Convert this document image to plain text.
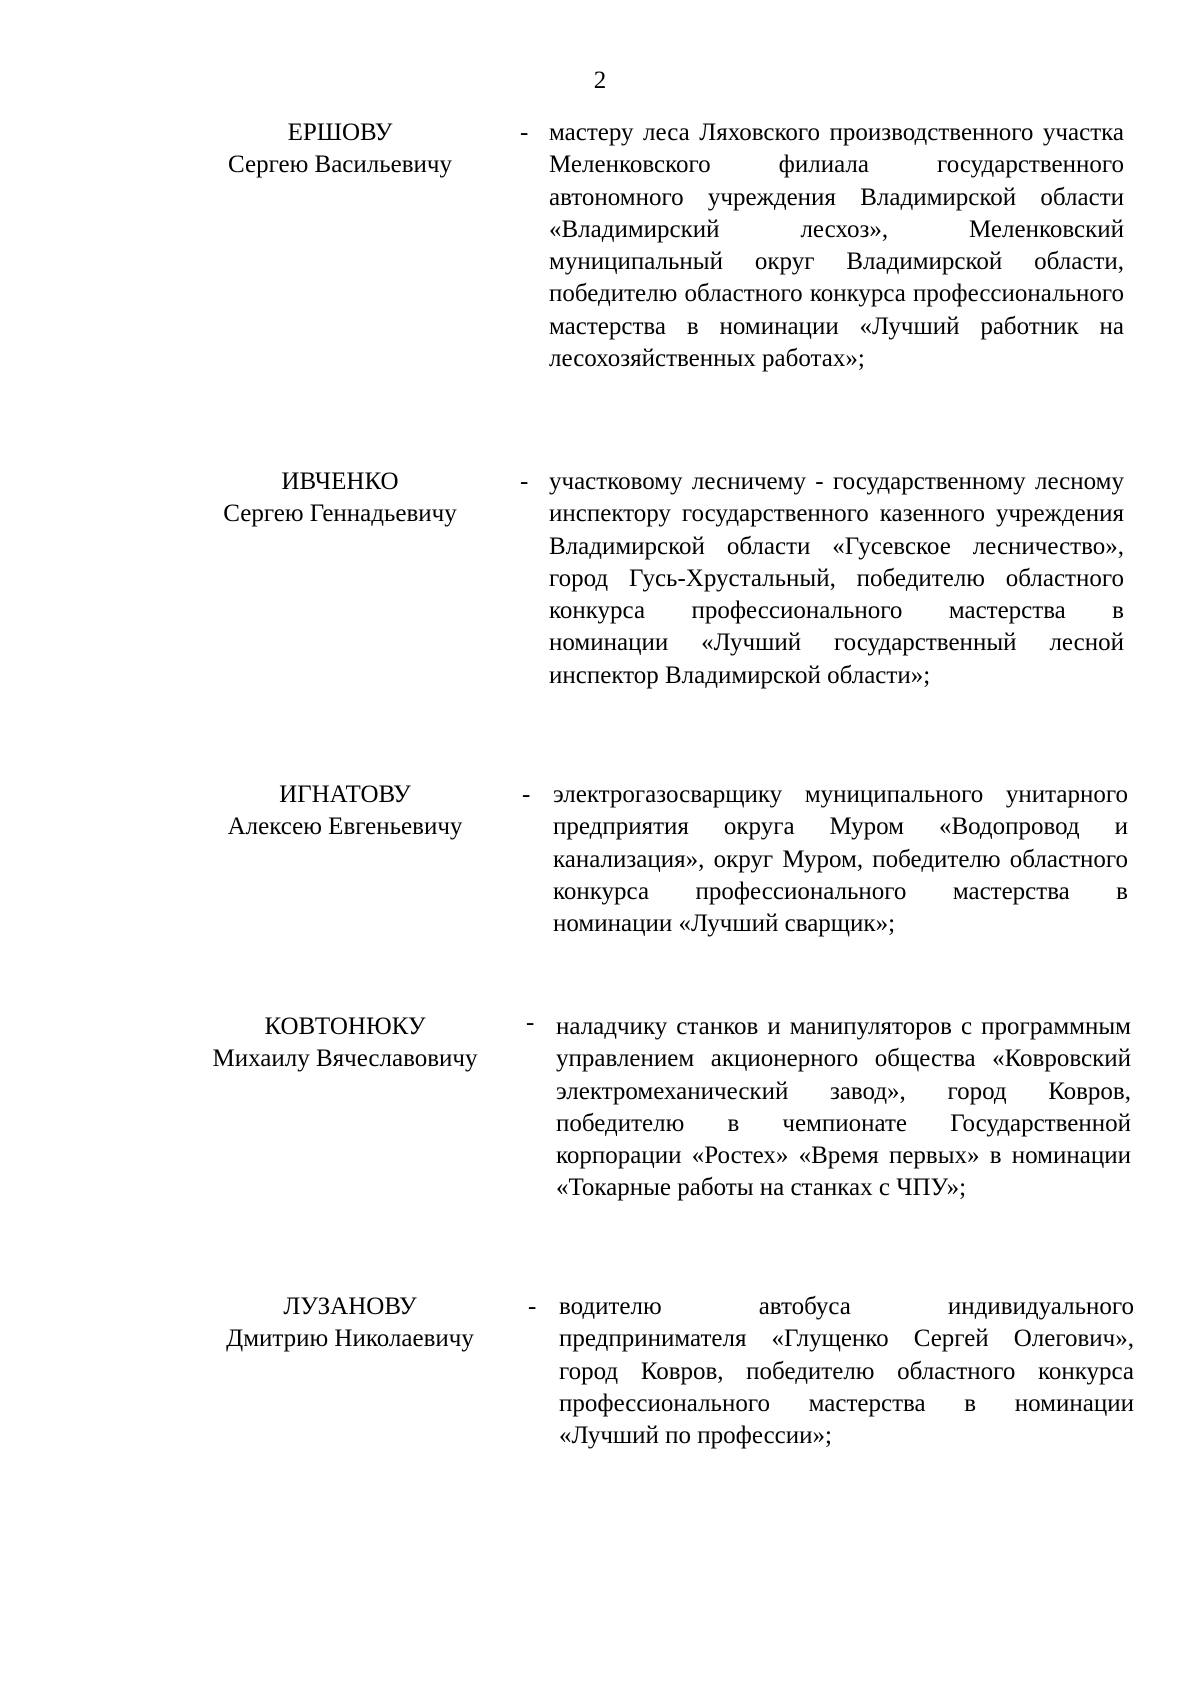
2
ЕРШОВУ
Сергею Васильевичу
- мастеру леса Ляховского производственного участка Меленковского филиала государственного автономного учреждения Владимирской области «Владимирский лесхоз», Меленковский муниципальный округ Владимирской области, победителю областного конкурса профессионального мастерства в номинации «Лучший работник на лесохозяйственных работах»;
ИВЧЕНКО
Сергею Геннадьевичу
- участковому лесничему - государственному лесному инспектору государственного казенного учреждения Владимирской области «Гусевское лесничество», город Гусь-Хрустальный, победителю областного конкурса профессионального мастерства в номинации «Лучший государственный лесной инспектор Владимирской области»;
ИГНАТОВУ
Алексею Евгеньевичу
- электрогазосварщику муниципального унитарного предприятия округа Муром «Водопровод и канализация», округ Муром, победителю областного конкурса профессионального мастерства в номинации «Лучший сварщик»;
КОВТОНЮКУ
Михаилу Вячеславовичу
- наладчику станков и манипуляторов с программным управлением акционерного общества «Ковровский электромеханический завод», город Ковров, победителю в чемпионате Государственной корпорации «Ростех» «Время первых» в номинации «Токарные работы на станках с ЧПУ»;
ЛУЗАНОВУ
Дмитрию Николаевичу
- водителю автобуса индивидуального предпринимателя «Глущенко Сергей Олегович», город Ковров, победителю областного конкурса профессионального мастерства в номинации «Лучший по профессии»;
